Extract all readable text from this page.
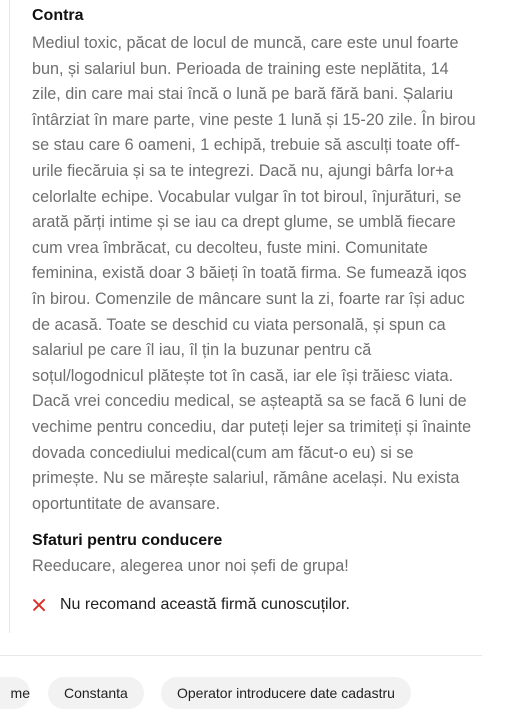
Contra
Mediul toxic, păcat de locul de muncă, care este unul foarte bun, și salariul bun. Perioada de training este neplătita, 14 zile, din care mai stai încă o lună pe bară fără bani. Șalariu întârziat în mare parte, vine peste 1 lună și 15-20 zile. În birou se stau care 6 oameni, 1 echipă, trebuie să asculți toate off-urile fiecăruia și sa te integrezi. Dacă nu, ajungi bârfa lor+a celorlalte echipe. Vocabular vulgar în tot biroul, înjurături, se arată părți intime și se iau ca drept glume, se umblă fiecare cum vrea îmbrăcat, cu decolteu, fuste mini. Comunitate feminina, există doar 3 băieți în toată firma. Se fumează iqos în birou. Comenzile de mâncare sunt la zi, foarte rar își aduc de acasă. Toate se deschid cu viata personală, și spun ca salariul pe care îl iau, îl țin la buzunar pentru că soțul/logodnicul plătește tot în casă, iar ele își trăiesc viata. Dacă vrei concediu medical, se așteaptă sa se facă 6 luni de vechime pentru concediu, dar puteți lejer sa trimiteți și înainte dovada concediului medical(cum am făcut-o eu) si se primește. Nu se mărește salariul, rămâne același. Nu exista oportuntitate de avansare.
Sfaturi pentru conducere
Reeducare, alegerea unor noi șefi de grupa!
Nu recomand această firmă cunoscuților.
me	Constanta	Operator introducere date cadastru
